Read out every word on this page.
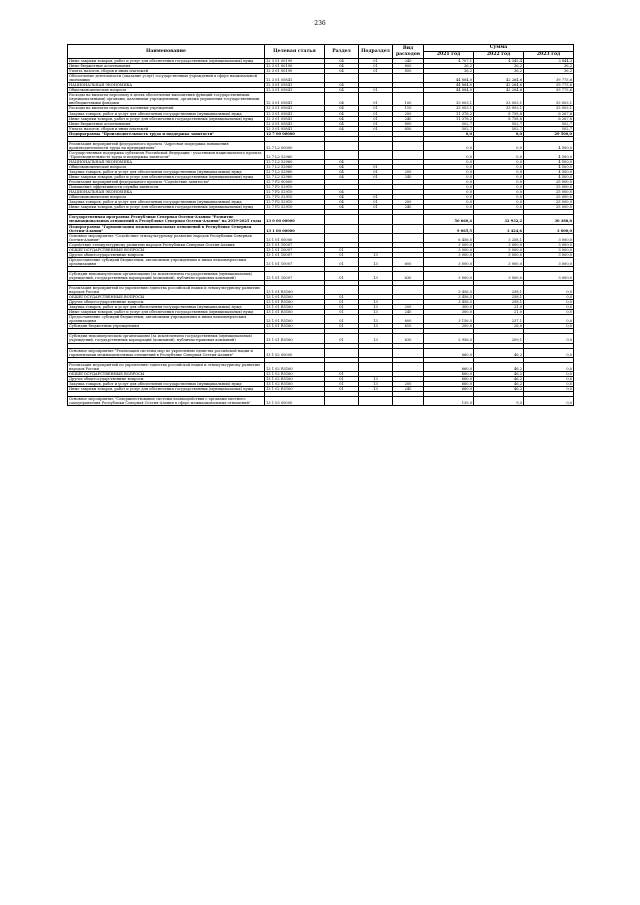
236
Наименование	Целевая статья	Раздел	Подраздел	Вид расходов	Сумма		
					2021 год	2022 год	2023 год
Иные закупки товаров, работ и услуг для обеспечения государственных (муниципальных) нужд	12 3 01 00190	04	01	240	4 707,1	4 345,4	3 844,3
Иные бюджетные ассигнования	12 3 01 00190	04	01	800	36,2	36,2	36,2
Уплата налогов, сборов и иных платежей	12 3 01 00190	04	01	850	36,2	36,2	36,2
Обеспечение деятельности (оказание услуг) государственных учреждений в сфере национальной экономики	12 3 01 05841				44 884,0	42 264,6	39 775,6
НАЦИОНАЛЬНАЯ ЭКОНОМИКА	12 3 01 05841	04			44 884,0	42 264,6	39 775,6
Общеэкономические вопросы	12 3 01 05841	04	01		44 884,0	42 264,6	39 775,6
Расходы на выплаты персоналу в целях обеспечения выполнения функций государственными (муниципальными) органами, казенными учреждениями, органами управления государственными внебюджетными фондами	12 3 01 05841	04	01	100	33 003,1	33 003,1	33 003,1
Расходы на выплаты персоналу казенных учреждений	12 3 01 05841	04	01	110	33 003,1	33 003,1	33 003,1
Закупка товаров, работ и услуг для обеспечения государственных (муниципальных) нужд	12 3 01 05841	04	01	200	11 378,2	8 758,8	6 267,8
Иные закупки товаров, работ и услуг для обеспечения государственных (муниципальных) нужд	12 3 01 05841	04	01	240	11 378,2	8 758,8	6 267,8
Иные бюджетные ассигнования	12 3 01 05841	04	01	800	502,7	502,7	502,7
Уплата налогов, сборов и иных платежей	12 3 01 05841	04	01	850	502,7	502,7	502,7
Подпрограмма "Производительность труда и поддержка занятости"	12 7 00 00000				0,0	0,0	29 500,0

Реализация мероприятий федерального проекта "Адресная поддержка повышения производительности труда на предприятиях"	12 7 L2 00000				0,0	0,0	4 500,0
Государственная поддержка субъектов Российской Федерации - участников национального проекта "Производительность труда и поддержка занятости"	12 7 L2 52960				0,0	0,0	4 500,0
НАЦИОНАЛЬНАЯ ЭКОНОМИКА	12 7 L2 52960	04			0,0	0,0	4 500,0
Общеэкономические вопросы	12 7 L2 52960	04	01		0,0	0,0	4 500,0
Закупка товаров, работ и услуг для обеспечения государственных (муниципальных) нужд	12 7 L2 52960	04	01	200	0,0	0,0	4 500,0
Иные закупки товаров, работ и услуг для обеспечения государственных (муниципальных) нужд	12 7 L2 52960	04	01	240	0,0	0,0	4 500,0
Реализация мероприятий федерального проекта "Содействие занятости"	12 7 P2 00000				0,0	0,0	25 000,0
Повышение эффективности службы занятости	12 7 P2 52910				0,0	0,0	25 000,0
НАЦИОНАЛЬНАЯ ЭКОНОМИКА	12 7 P2 52910	04			0,0	0,0	25 000,0
Общеэкономические вопросы	12 7 P2 52910	04	01		0,0	0,0	25 000,0
Закупка товаров, работ и услуг для обеспечения государственных (муниципальных) нужд	12 7 P2 52910	04	01	200	0,0	0,0	25 000,0
Иные закупки товаров, работ и услуг для обеспечения государственных (муниципальных) нужд	12 7 P2 52910	04	01	240	0,0	0,0	25 000,0

Государственная программа Республики Северная Осетия-Алания "Развитие межнациональных отношений в Республике Северная Осетия-Алания" на 2019-2025 годы	13 0 00 00000				50 660,4	32 932,2	30 388,8
Подпрограмма "Гармонизация межнациональных отношений в Республике Северная Осетия-Алания"	13 1 00 00000				9 065,5	3 424,6	3 000,0
Основное мероприятие "Содействие этнокультурному развитию народов Республики Северная Осетия-Алания"	13 1 01 00000				6 456,5	3 258,1	3 000,0
Содействие этнокультурному развитию народов Республики Северная Осетия-Алания	13 1 01 10007				3 000,0	3 000,0	3 000,0
ОБЩЕГОСУДАРСТВЕННЫЕ ВОПРОСЫ	13 1 01 10007	01			3 000,0	3 000,0	3 000,0
Другие общегосударственные вопросы	13 1 01 10007	01	13		3 000,0	3 000,0	3 000,0
Предоставление субсидий бюджетным, автономным учреждениям и иным некоммерческим организациям	13 1 01 10007	01	13	600	3 000,0	3 000,0	3 000,0

Субсидии некоммерческим организациям (за исключением государственных (муниципальных) учреждений, государственных корпораций (компаний), публично-правовых компаний)	13 1 01 10007	01	13	630	3 000,0	3 000,0	3 000,0

Реализация мероприятий по укреплению единства российской нации и этнокультурному развитию народов России	13 1 01 R5160				3 456,5	258,1	0,0
ОБЩЕГОСУДАРСТВЕННЫЕ ВОПРОСЫ	13 1 01 R5160	01			3 456,5	258,1	0,0
Другие общегосударственные вопросы	13 1 01 R5160	01	13		3 456,5	258,1	0,0
Закупка товаров, работ и услуг для обеспечения государственных (муниципальных) нужд	13 1 01 R5160	01	13	200	300,0	21,0	0,0
Иные закупки товаров, работ и услуг для обеспечения государственных (муниципальных) нужд	13 1 01 R5160	01	13	240	300,0	21,0	0,0
Предоставление субсидий бюджетным, автономным учреждениям и иным некоммерческим организациям	13 1 01 R5160	01	13	600	3 156,5	237,1	0,0
Субсидии бюджетным учреждениям	13 1 01 R5160	01	13	610	200,0	28,0	0,0

Субсидии некоммерческим организациям (за исключением государственных (муниципальных) учреждений, государственных корпораций (компаний), публично-правовых компаний)	13 1 01 R5160	01	13	630	2 956,5	209,1	0,0

Основное мероприятие "Реализация системы мер по укреплению единства российской нации и гармонизации межнациональных отношений в Республике Северная Осетия-Алания"	13 1 02 00000				660,0	46,2	0,0

Реализация мероприятий по укреплению единства российской нации и этнокультурному развитию народов России	13 1 02 R5160				660,0	46,2	0,0
ОБЩЕГОСУДАРСТВЕННЫЕ ВОПРОСЫ	13 1 02 R5160	01			660,0	46,2	0,0
Другие общегосударственные вопросы	13 1 02 R5160	01	13		660,0	46,2	0,0
Закупка товаров, работ и услуг для обеспечения государственных (муниципальных) нужд	13 1 02 R5160	01	13	200	660,0	46,2	0,0
Иные закупки товаров, работ и услуг для обеспечения государственных (муниципальных) нужд	13 1 02 R5160	01	13	240	660,0	46,2	0,0

Основное мероприятие "Совершенствование системы взаимодействия с органами местного самоуправления Республики Северная Осетия-Алания в сфере межнациональных отношений"	13 1 03 00000				135,0	9,5	0,0
